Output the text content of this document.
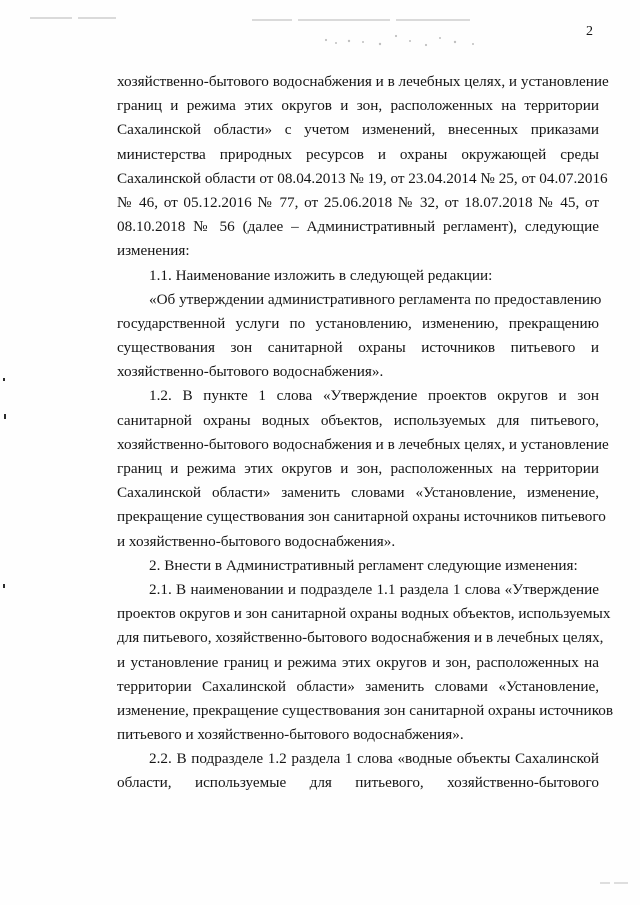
2
хозяйственно-бытового водоснабжения и в лечебных целях, и установление
границ и режима этих округов и зон, расположенных на территории
Сахалинской области» с учетом изменений, внесенных приказами
министерства природных ресурсов и охраны окружающей среды
Сахалинской области от 08.04.2013 № 19, от 23.04.2014 № 25, от 04.07.2016
№ 46, от 05.12.2016 № 77, от 25.06.2018 № 32, от 18.07.2018 № 45, от
08.10.2018 № 56 (далее – Административный регламент), следующие
изменения:
1.1. Наименование изложить в следующей редакции:
«Об утверждении административного регламента по предоставлению
государственной услуги по установлению, изменению, прекращению
существования зон санитарной охраны источников питьевого и
хозяйственно-бытового водоснабжения».
1.2. В пункте 1 слова «Утверждение проектов округов и зон
санитарной охраны водных объектов, используемых для питьевого,
хозяйственно-бытового водоснабжения и в лечебных целях, и установление
границ и режима этих округов и зон, расположенных на территории
Сахалинской области» заменить словами «Установление, изменение,
прекращение существования зон санитарной охраны источников питьевого
и хозяйственно-бытового водоснабжения».
2. Внести в Административный регламент следующие изменения:
2.1. В наименовании и подразделе 1.1 раздела 1 слова «Утверждение
проектов округов и зон санитарной охраны водных объектов, используемых
для питьевого, хозяйственно-бытового водоснабжения и в лечебных целях,
и установление границ и режима этих округов и зон, расположенных на
территории Сахалинской области» заменить словами «Установление,
изменение, прекращение существования зон санитарной охраны источников
питьевого и хозяйственно-бытового водоснабжения».
2.2. В подразделе 1.2 раздела 1 слова «водные объекты Сахалинской
области, используемые для питьевого, хозяйственно-бытового
